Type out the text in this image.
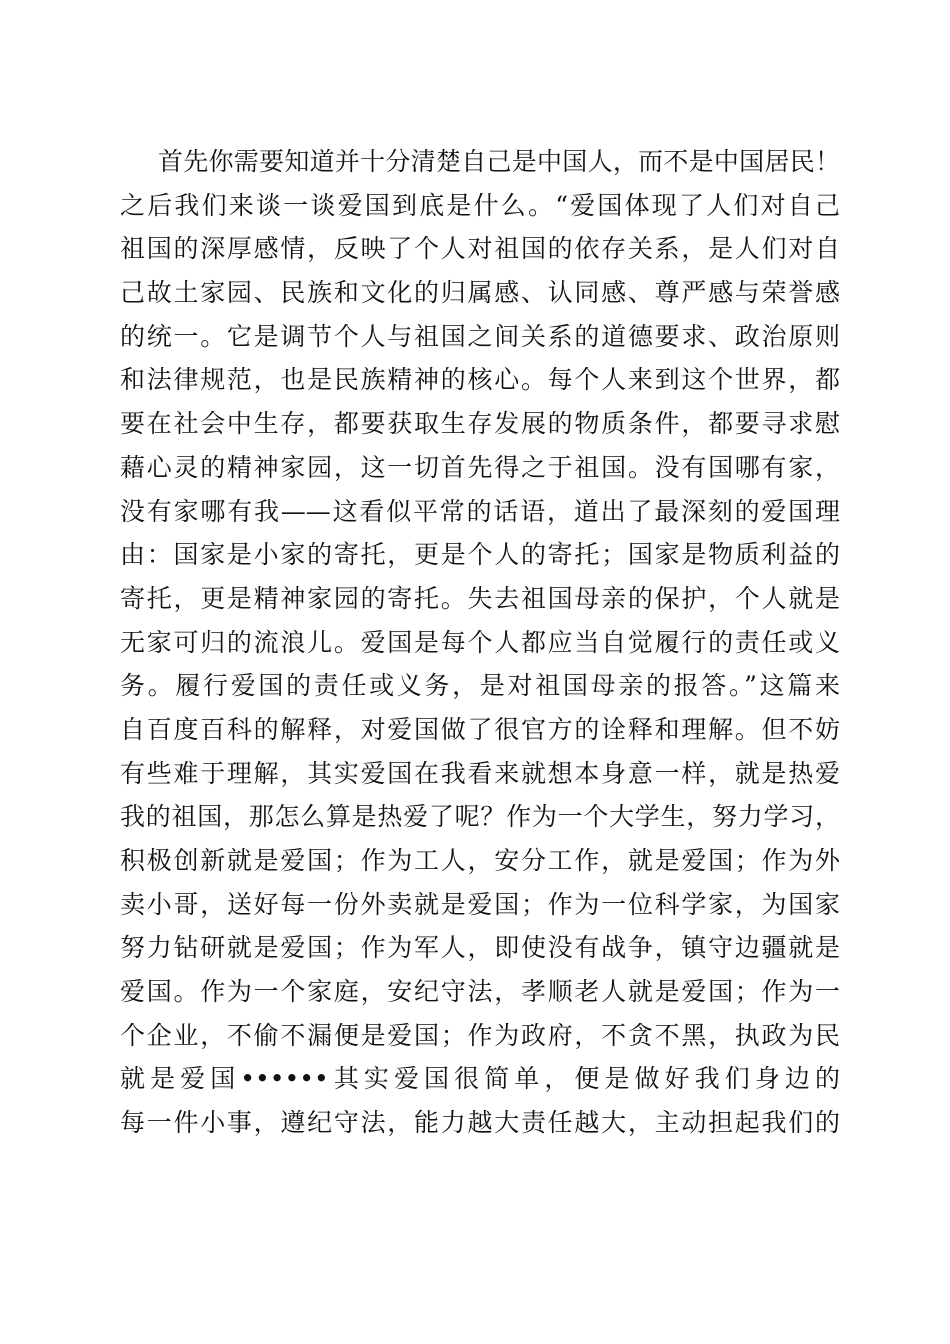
首先你需要知道并十分清楚自己是中国人，而不是中国居民！
之后我们来谈一谈爱国到底是什么。“爱国体现了人们对自己
祖国的深厚感情，反映了个人对祖国的依存关系，是人们对自
己故土家园、民族和文化的归属感、认同感、尊严感与荣誉感
的统一。它是调节个人与祖国之间关系的道德要求、政治原则
和法律规范，也是民族精神的核心。每个人来到这个世界，都
要在社会中生存，都要获取生存发展的物质条件，都要寻求慰
藉心灵的精神家园，这一切首先得之于祖国。没有国哪有家，
没有家哪有我——这看似平常的话语，道出了最深刻的爱国理
由：国家是小家的寄托，更是个人的寄托；国家是物质利益的
寄托，更是精神家园的寄托。失去祖国母亲的保护，个人就是
无家可归的流浪儿。爱国是每个人都应当自觉履行的责任或义
务。履行爱国的责任或义务，是对祖国母亲的报答。”这篇来
自百度百科的解释，对爱国做了很官方的诠释和理解。但不妨
有些难于理解，其实爱国在我看来就想本身意一样，就是热爱
我的祖国，那怎么算是热爱了呢？作为一个大学生，努力学习，
积极创新就是爱国；作为工人，安分工作，就是爱国；作为外
卖小哥，送好每一份外卖就是爱国；作为一位科学家，为国家
努力钻研就是爱国；作为军人，即使没有战争，镇守边疆就是
爱国。作为一个家庭，安纪守法，孝顺老人就是爱国；作为一
个企业，不偷不漏便是爱国；作为政府，不贪不黑，执政为民
就是爱国••••••其实爱国很简单，便是做好我们身边的
每一件小事，遵纪守法，能力越大责任越大，主动担起我们的
